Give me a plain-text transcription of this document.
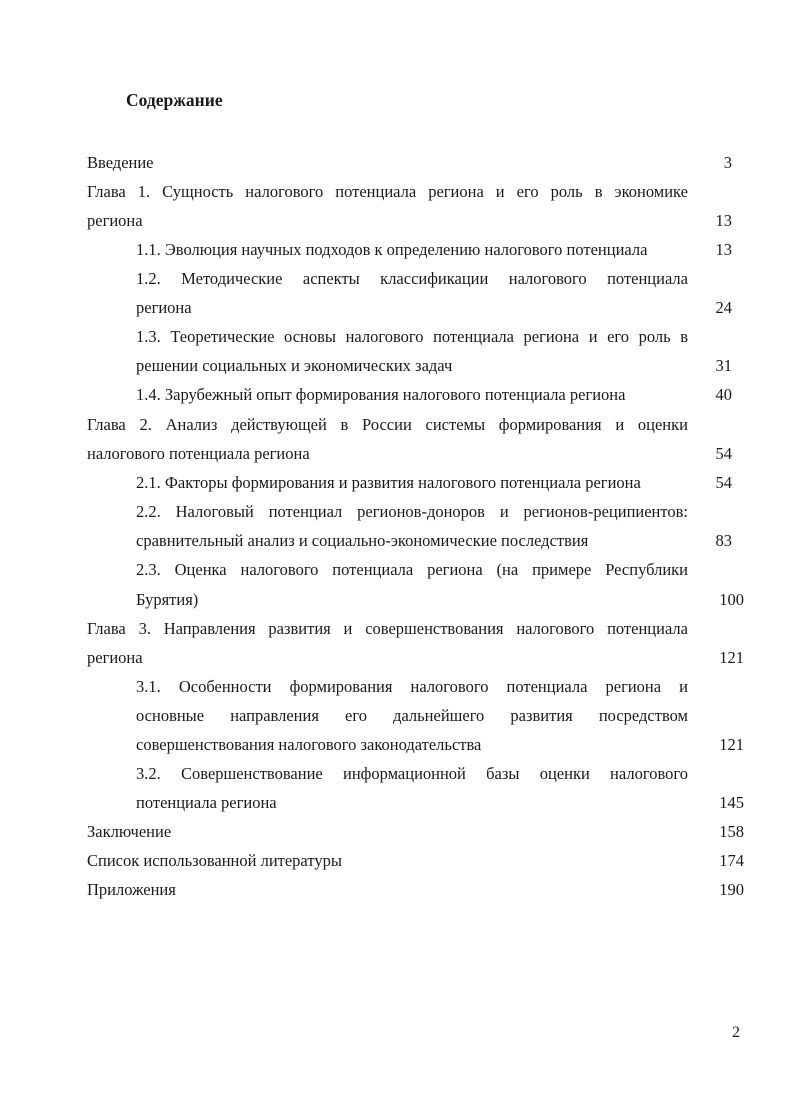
Содержание
Введение	3
Глава 1. Сущность налогового потенциала региона и его роль в экономике
региона	13
1.1. Эволюция научных подходов к определению налогового потенциала	13
1.2. Методические аспекты классификации налогового потенциала
региона	24
1.3. Теоретические основы налогового потенциала региона и его роль в
решении социальных и экономических задач	31
1.4. Зарубежный опыт формирования налогового потенциала региона	40
Глава 2. Анализ действующей в России системы формирования и оценки
налогового потенциала региона	54
2.1. Факторы формирования и развития налогового потенциала региона	54
2.2. Налоговый потенциал регионов-доноров и регионов-реципиентов:
сравнительный анализ и социально-экономические последствия	83
2.3. Оценка налогового потенциала региона (на примере Республики
Бурятия)	100
Глава 3. Направления развития и совершенствования налогового потенциала
региона	121
3.1. Особенности формирования налогового потенциала региона и
основные направления его дальнейшего развития посредством
совершенствования налогового законодательства	121
3.2. Совершенствование информационной базы оценки налогового
потенциала региона	145
Заключение	158
Список использованной литературы	174
Приложения	190
2
